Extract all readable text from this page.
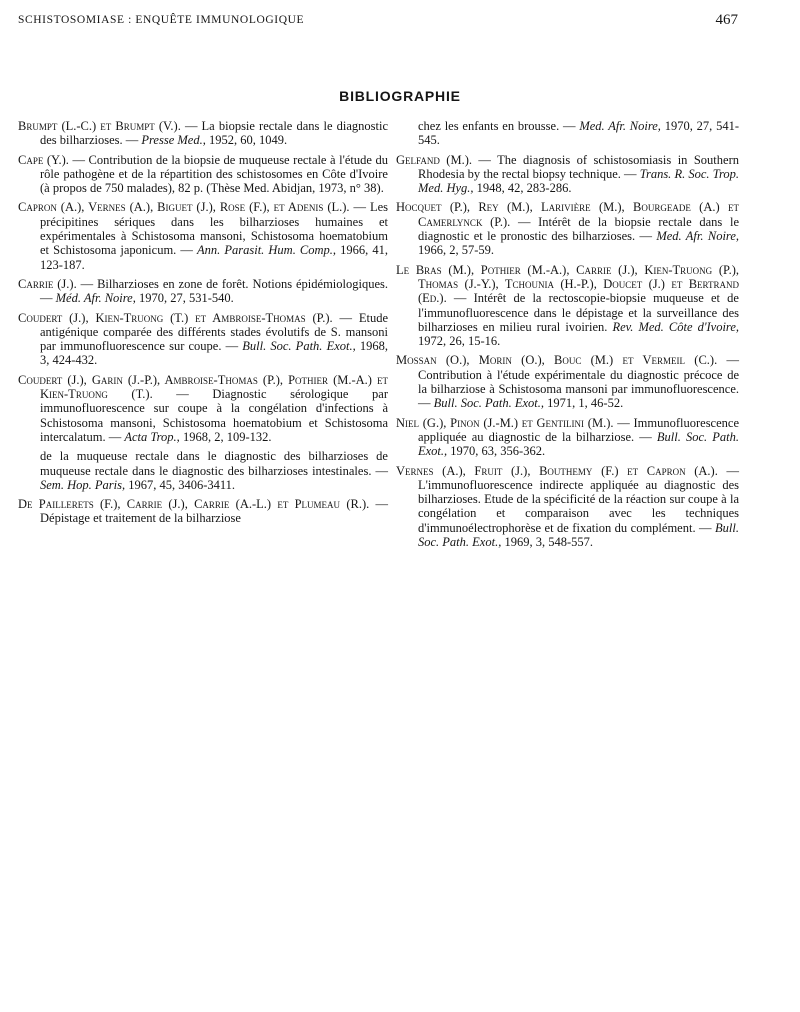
SCHISTOSOMIASE : ENQUÊTE IMMUNOLOGIQUE	467
BIBLIOGRAPHIE

Brumpt (L.-C.) et Brumpt (V.). — La biopsie rectale dans le diagnostic des bilharzioses. — Presse Med., 1952, 60, 1049.

Cape (Y.). — Contribution de la biopsie de muqueuse rectale à l'étude du rôle pathogène et de la répartition des schistosomes en Côte d'Ivoire (à propos de 750 malades), 82 p. (Thèse Med. Abidjan, 1973, n° 38).

Capron (A.), Vernes (A.), Biguet (J.), Rose (F.), et Adenis (L.). — Les précipitines sériques dans les bilharzioses humaines et expérimentales à Schistosoma mansoni, Schistosoma hoematobium et Schistosoma japonicum. — Ann. Parasit. Hum. Comp., 1966, 41, 123-187.

Carrie (J.). — Bilharzioses en zone de forêt. Notions épidémiologiques. — Méd. Afr. Noire, 1970, 27, 531-540.

Coudert (J.), Kien-Truong (T.) et Ambroise-Thomas (P.). — Etude antigénique comparée des différents stades évolutifs de S. mansoni par immunofluorescence sur coupe. — Bull. Soc. Path. Exot., 1968, 3, 424-432.

Coudert (J.), Garin (J.-P.), Ambroise-Thomas (P.), Pothier (M.-A.) et Kien-Truong (T.). — Diagnostic sérologique par immunofluorescence sur coupe à la congélation d'infections à Schistosoma mansoni, Schistosoma hoematobium et Schistosoma intercalatum. — Acta Trop., 1968, 2, 109-132.

de la muqueuse rectale dans le diagnostic des bilharzioses de muqueuse rectale dans le diagnostic des bilharzioses intestinales. — Sem. Hop. Paris, 1967, 45, 3406-3411.

De Paillerets (F.), Carrie (J.), Carrie (A.-L.) et Plumeau (R.). — Dépistage et traitement de la bilharziose

chez les enfants en brousse. — Med. Afr. Noire, 1970, 27, 541-545.

Gelfand (M.). — The diagnosis of schistosomiasis in Southern Rhodesia by the rectal biopsy technique. — Trans. R. Soc. Trop. Med. Hyg., 1948, 42, 283-286.

Hocquet (P.), Rey (M.), Larivière (M.), Bourgeade (A.) et Camerlynck (P.). — Intérêt de la biopsie rectale dans le diagnostic et le pronostic des bilharzioses. — Med. Afr. Noire, 1966, 2, 57-59.

Le Bras (M.), Pothier (M.-A.), Carrie (J.), Kien-Truong (P.), Thomas (J.-Y.), Tchounia (H.-P.), Doucet (J.) et Bertrand (Ed.). — Intérêt de la rectoscopie-biopsie muqueuse et de l'immunofluorescence dans le dépistage et la surveillance des bilharzioses en milieu rural ivoirien. Rev. Med. Côte d'Ivoire, 1972, 26, 15-16.

Mossan (O.), Morin (O.), Bouc (M.) et Vermeil (C.). — Contribution à l'étude expérimentale du diagnostic précoce de la bilharziose à Schistosoma mansoni par immunofluorescence. — Bull. Soc. Path. Exot., 1971, 1, 46-52.

Niel (G.), Pinon (J.-M.) et Gentilini (M.). — Immunofluorescence appliquée au diagnostic de la bilharziose. — Bull. Soc. Path. Exot., 1970, 63, 356-362.

Vernes (A.), Fruit (J.), Bouthemy (F.) et Capron (A.). — L'immunofluorescence indirecte appliquée au diagnostic des bilharzioses. Etude de la spécificité de la réaction sur coupe à la congélation et comparaison avec les techniques d'immunoélectrophorèse et de fixation du complément. — Bull. Soc. Path. Exot., 1969, 3, 548-557.
